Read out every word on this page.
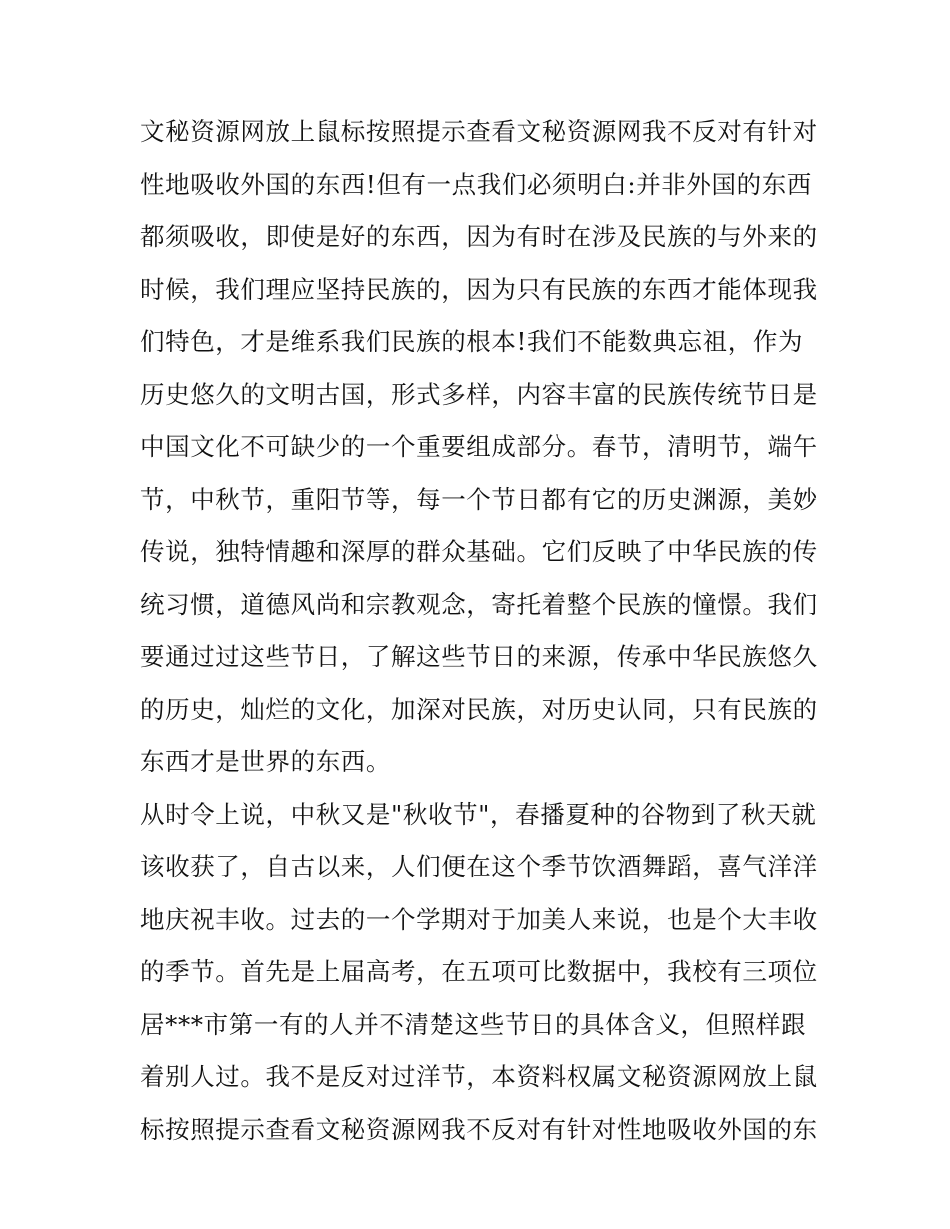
文秘资源网放上鼠标按照提示查看文秘资源网我不反对有针对
性地吸收外国的东西!但有一点我们必须明白:并非外国的东西
都须吸收，即使是好的东西，因为有时在涉及民族的与外来的
时候，我们理应坚持民族的，因为只有民族的东西才能体现我
们特色，才是维系我们民族的根本!我们不能数典忘祖，作为
历史悠久的文明古国，形式多样，内容丰富的民族传统节日是
中国文化不可缺少的一个重要组成部分。春节，清明节，端午
节，中秋节，重阳节等，每一个节日都有它的历史渊源，美妙
传说，独特情趣和深厚的群众基础。它们反映了中华民族的传
统习惯，道德风尚和宗教观念，寄托着整个民族的憧憬。我们
要通过过这些节日，了解这些节日的来源，传承中华民族悠久
的历史，灿烂的文化，加深对民族，对历史认同，只有民族的
东西才是世界的东西。
从时令上说，中秋又是"秋收节"，春播夏种的谷物到了秋天就
该收获了，自古以来，人们便在这个季节饮酒舞蹈，喜气洋洋
地庆祝丰收。过去的一个学期对于加美人来说，也是个大丰收
的季节。首先是上届高考，在五项可比数据中，我校有三项位
居***市第一有的人并不清楚这些节日的具体含义，但照样跟
着别人过。我不是反对过洋节，本资料权属文秘资源网放上鼠
标按照提示查看文秘资源网我不反对有针对性地吸收外国的东
